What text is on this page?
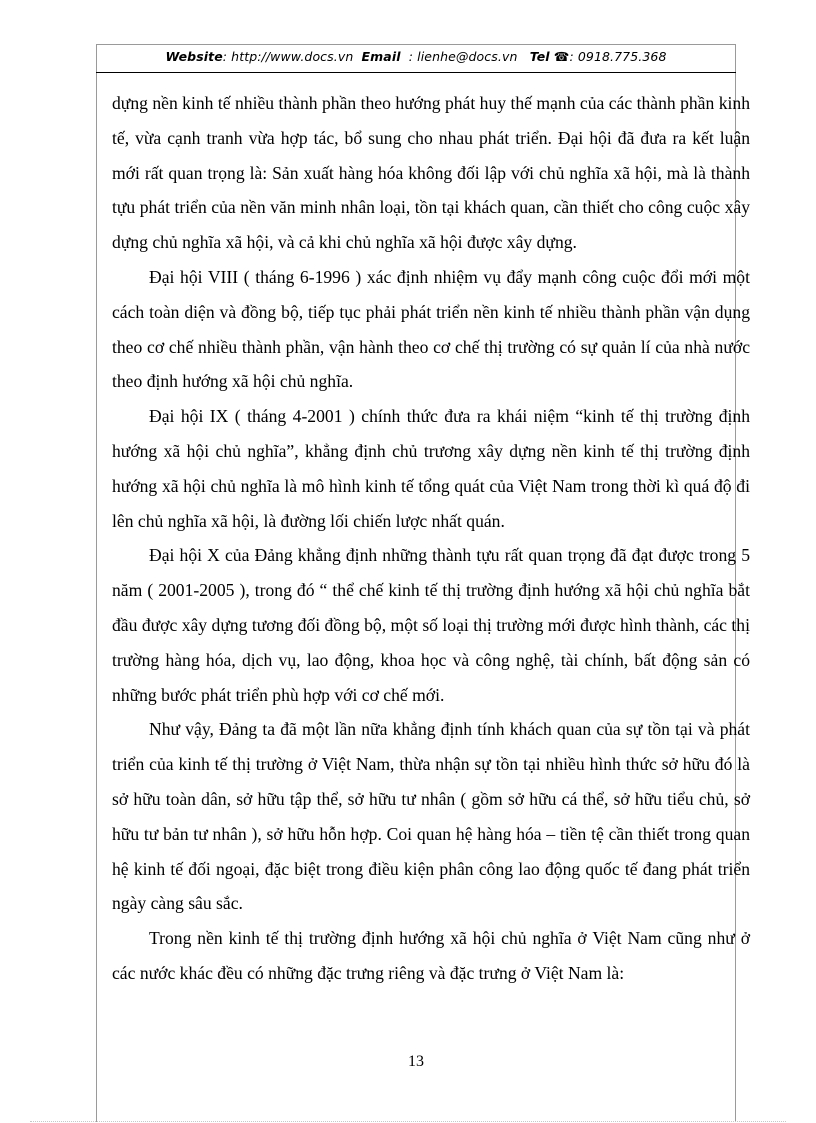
Website: http://www.docs.vn Email : lienhe@docs.vn Tel ☎: 0918.775.368

dựng nền kinh tế nhiều thành phần theo hướng phát huy thế mạnh của các thành phần kinh tế, vừa cạnh tranh vừa hợp tác, bổ sung cho nhau phát triển. Đại hội đã đưa ra kết luận mới rất quan trọng là: Sản xuất hàng hóa không đối lập với chủ nghĩa xã hội, mà là thành tựu phát triển của nền văn minh nhân loại, tồn tại khách quan, cần thiết cho công cuộc xây dựng chủ nghĩa xã hội, và cả khi chủ nghĩa xã hội được xây dựng.

Đại hội VIII ( tháng 6-1996 ) xác định nhiệm vụ đẩy mạnh công cuộc đổi mới một cách toàn diện và đồng bộ, tiếp tục phải phát triển nền kinh tế nhiều thành phần vận dụng theo cơ chế nhiều thành phần, vận hành theo cơ chế thị trường có sự quản lí của nhà nước theo định hướng xã hội chủ nghĩa.

Đại hội IX ( tháng 4-2001 ) chính thức đưa ra khái niệm “kinh tế thị trường định hướng xã hội chủ nghĩa”, khẳng định chủ trương xây dựng nền kinh tế thị trường định hướng xã hội chủ nghĩa là mô hình kinh tế tổng quát của Việt Nam trong thời kì quá độ đi lên chủ nghĩa xã hội, là đường lối chiến lược nhất quán.

Đại hội X của Đảng khẳng định những thành tựu rất quan trọng đã đạt được trong 5 năm ( 2001-2005 ), trong đó “ thể chế kinh tế thị trường định hướng xã hội chủ nghĩa bắt đầu được xây dựng tương đối đồng bộ, một số loại thị trường mới được hình thành, các thị trường hàng hóa, dịch vụ, lao động, khoa học và công nghệ, tài chính, bất động sản có những bước phát triển phù hợp với cơ chế mới.

Như vậy, Đảng ta đã một lần nữa khẳng định tính khách quan của sự tồn tại và phát triển của kinh tế thị trường ở Việt Nam, thừa nhận sự tồn tại nhiều hình thức sở hữu đó là sở hữu toàn dân, sở hữu tập thể, sở hữu tư nhân ( gồm sở hữu cá thể, sở hữu tiểu chủ, sở hữu tư bản tư nhân ), sở hữu hỗn hợp. Coi quan hệ hàng hóa – tiền tệ cần thiết trong quan hệ kinh tế đối ngoại, đặc biệt trong điều kiện phân công lao động quốc tế đang phát triển ngày càng sâu sắc.

Trong nền kinh tế thị trường định hướng xã hội chủ nghĩa ở Việt Nam cũng như ở các nước khác đều có những đặc trưng riêng và đặc trưng ở Việt Nam là:

13
